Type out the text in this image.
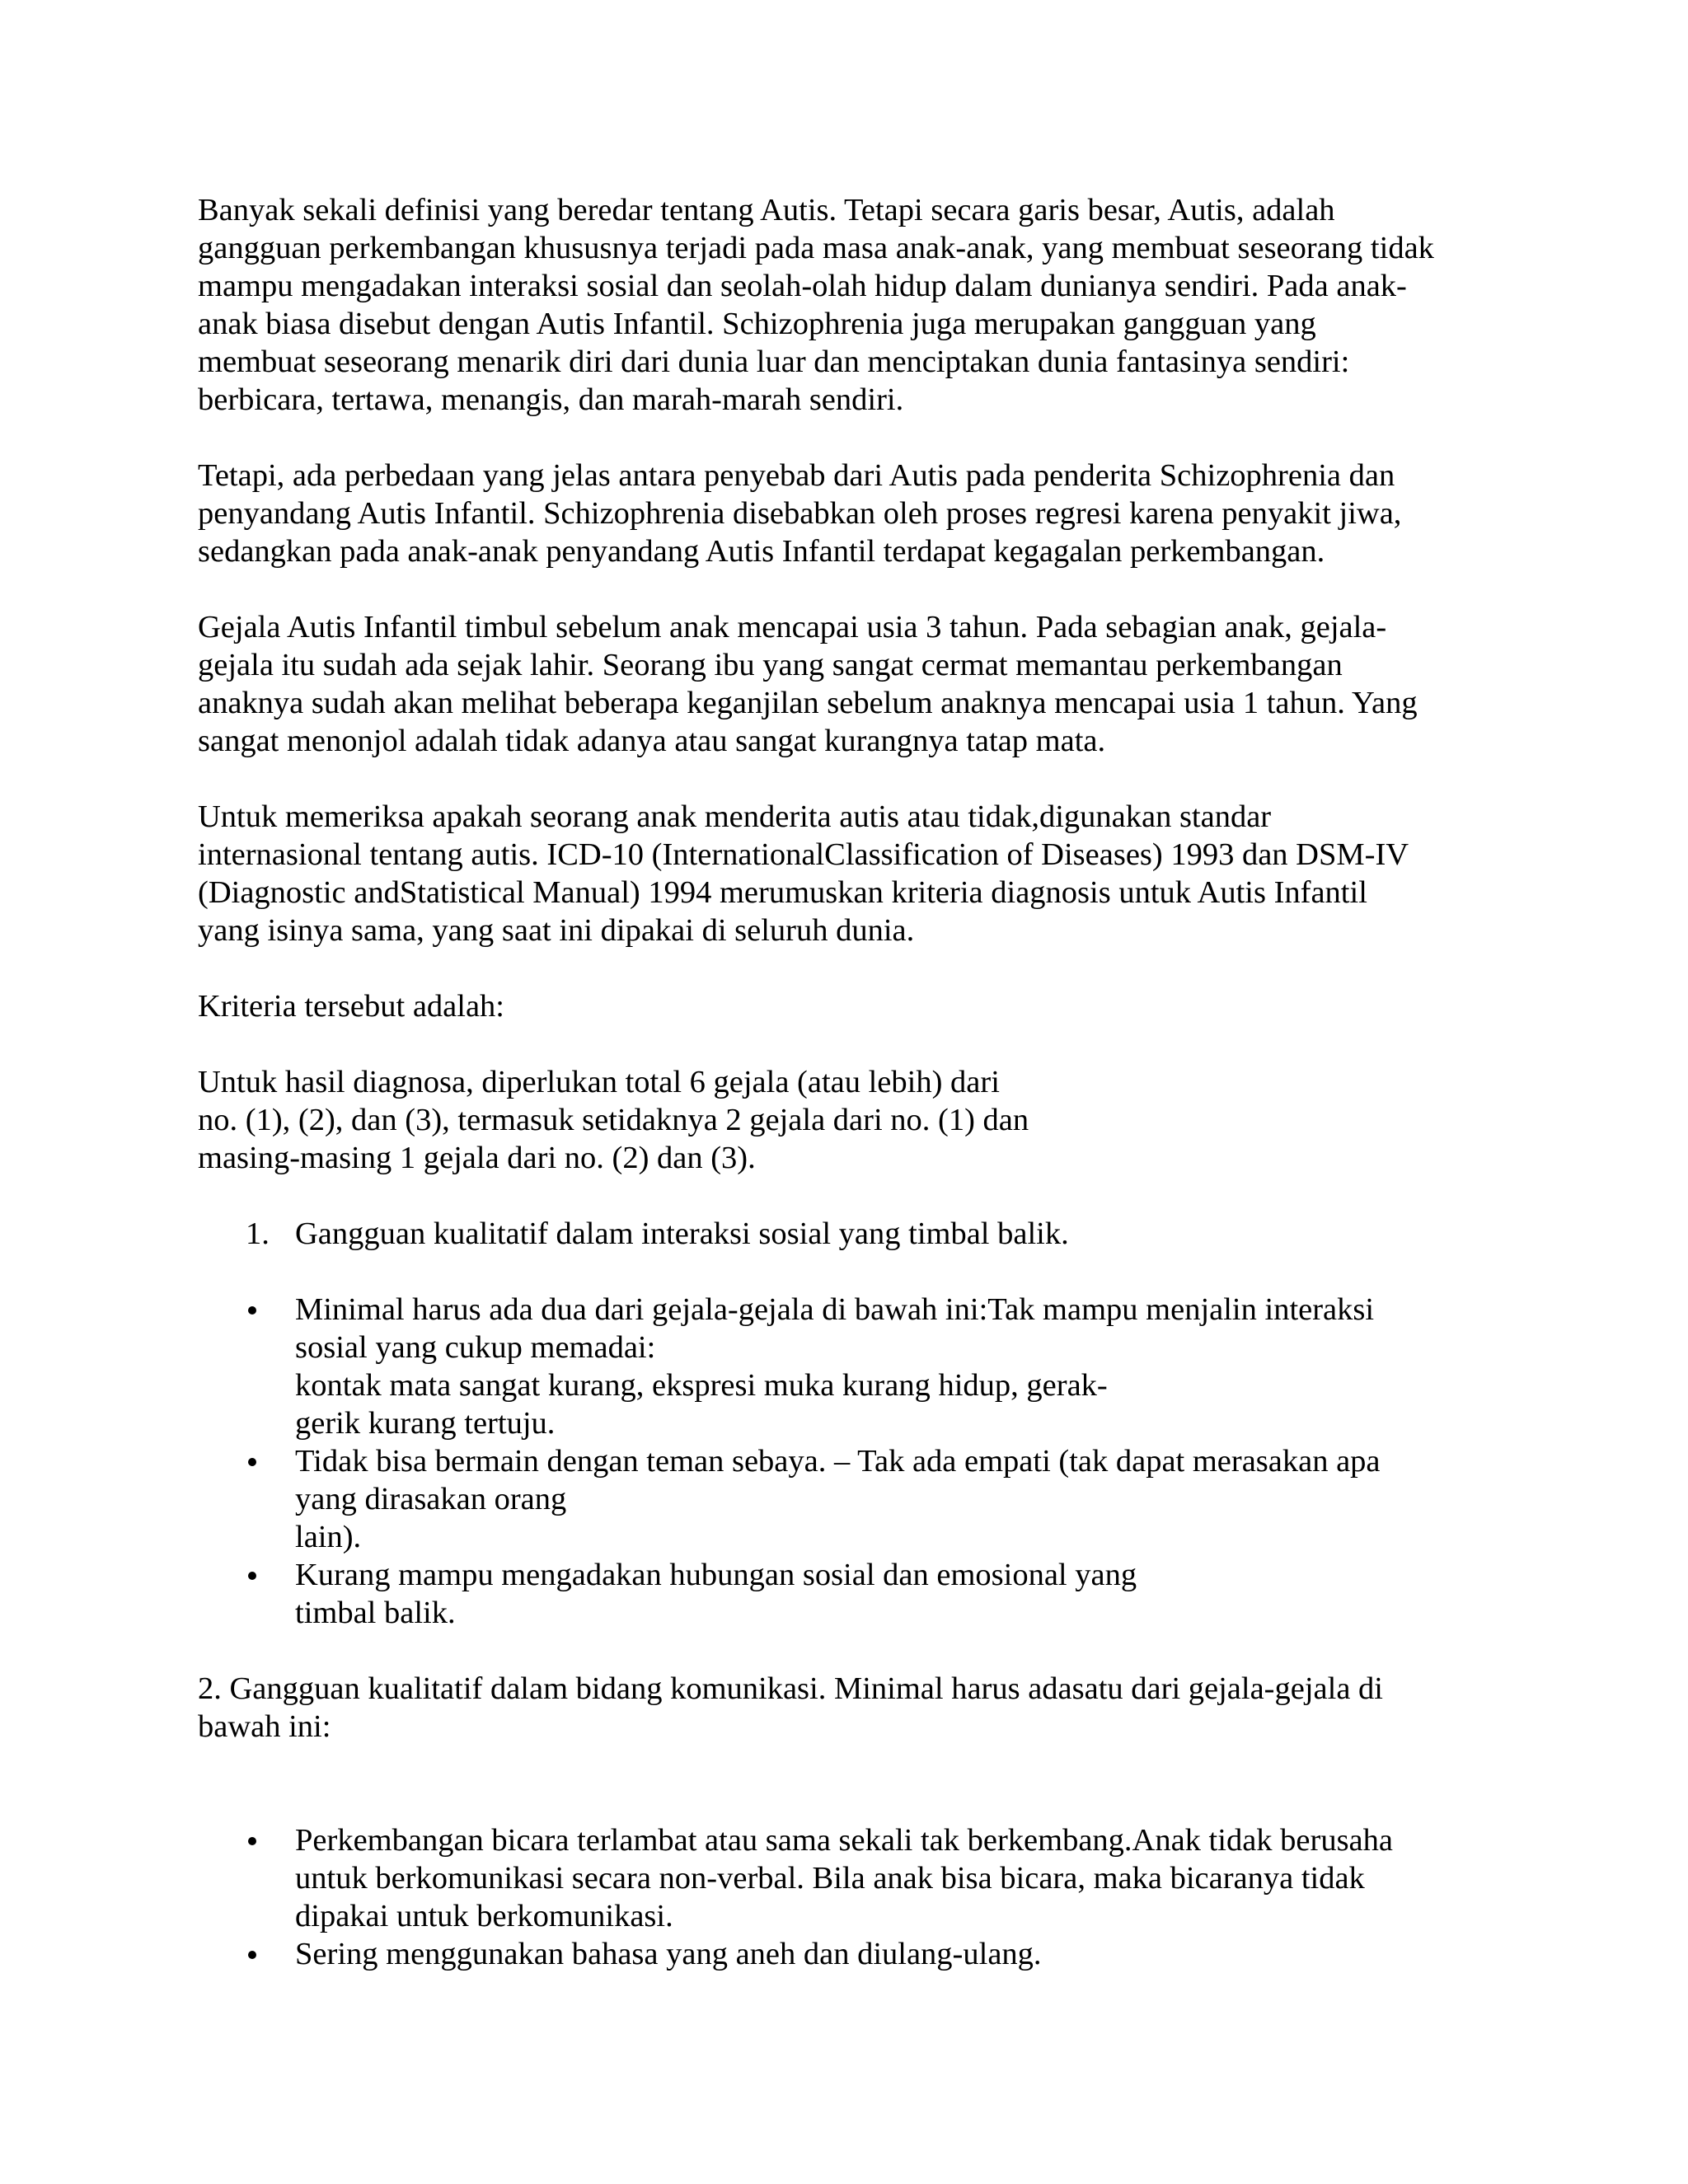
Banyak sekali definisi yang beredar tentang Autis. Tetapi secara garis besar, Autis, adalah
gangguan perkembangan khususnya terjadi pada masa anak-anak, yang membuat seseorang tidak
mampu mengadakan interaksi sosial dan seolah-olah hidup dalam dunianya sendiri. Pada anak-
anak biasa disebut dengan Autis Infantil. Schizophrenia juga merupakan gangguan yang
membuat seseorang menarik diri dari dunia luar dan menciptakan dunia fantasinya sendiri:
berbicara, tertawa, menangis, dan marah-marah sendiri.
Tetapi, ada perbedaan yang jelas antara penyebab dari Autis pada penderita Schizophrenia dan
penyandang Autis Infantil. Schizophrenia disebabkan oleh proses regresi karena penyakit jiwa,
sedangkan pada anak-anak penyandang Autis Infantil terdapat kegagalan perkembangan.
Gejala Autis Infantil timbul sebelum anak mencapai usia 3 tahun. Pada sebagian anak, gejala-
gejala itu sudah ada sejak lahir. Seorang ibu yang sangat cermat memantau perkembangan
anaknya sudah akan melihat beberapa keganjilan sebelum anaknya mencapai usia 1 tahun. Yang
sangat menonjol adalah tidak adanya atau sangat kurangnya tatap mata.
Untuk memeriksa apakah seorang anak menderita autis atau tidak,digunakan standar
internasional tentang autis. ICD-10 (InternationalClassification of Diseases) 1993 dan DSM-IV
(Diagnostic andStatistical Manual) 1994 merumuskan kriteria diagnosis untuk Autis Infantil
yang isinya sama, yang saat ini dipakai di seluruh dunia.
Kriteria tersebut adalah:
Untuk hasil diagnosa, diperlukan total 6 gejala (atau lebih) dari
no. (1), (2), dan (3), termasuk setidaknya 2 gejala dari no. (1) dan
masing-masing 1 gejala dari no. (2) dan (3).
1. Gangguan kualitatif dalam interaksi sosial yang timbal balik.
Minimal harus ada dua dari gejala-gejala di bawah ini:Tak mampu menjalin interaksi
sosial yang cukup memadai:
kontak mata sangat kurang, ekspresi muka kurang hidup, gerak-
gerik kurang tertuju.
Tidak bisa bermain dengan teman sebaya. – Tak ada empati (tak dapat merasakan apa
yang dirasakan orang
lain).
Kurang mampu mengadakan hubungan sosial dan emosional yang
timbal balik.
2. Gangguan kualitatif dalam bidang komunikasi. Minimal harus adasatu dari gejala-gejala di
bawah ini:
Perkembangan bicara terlambat atau sama sekali tak berkembang.Anak tidak berusaha
untuk berkomunikasi secara non-verbal. Bila anak bisa bicara, maka bicaranya tidak
dipakai untuk berkomunikasi.
Sering menggunakan bahasa yang aneh dan diulang-ulang.
